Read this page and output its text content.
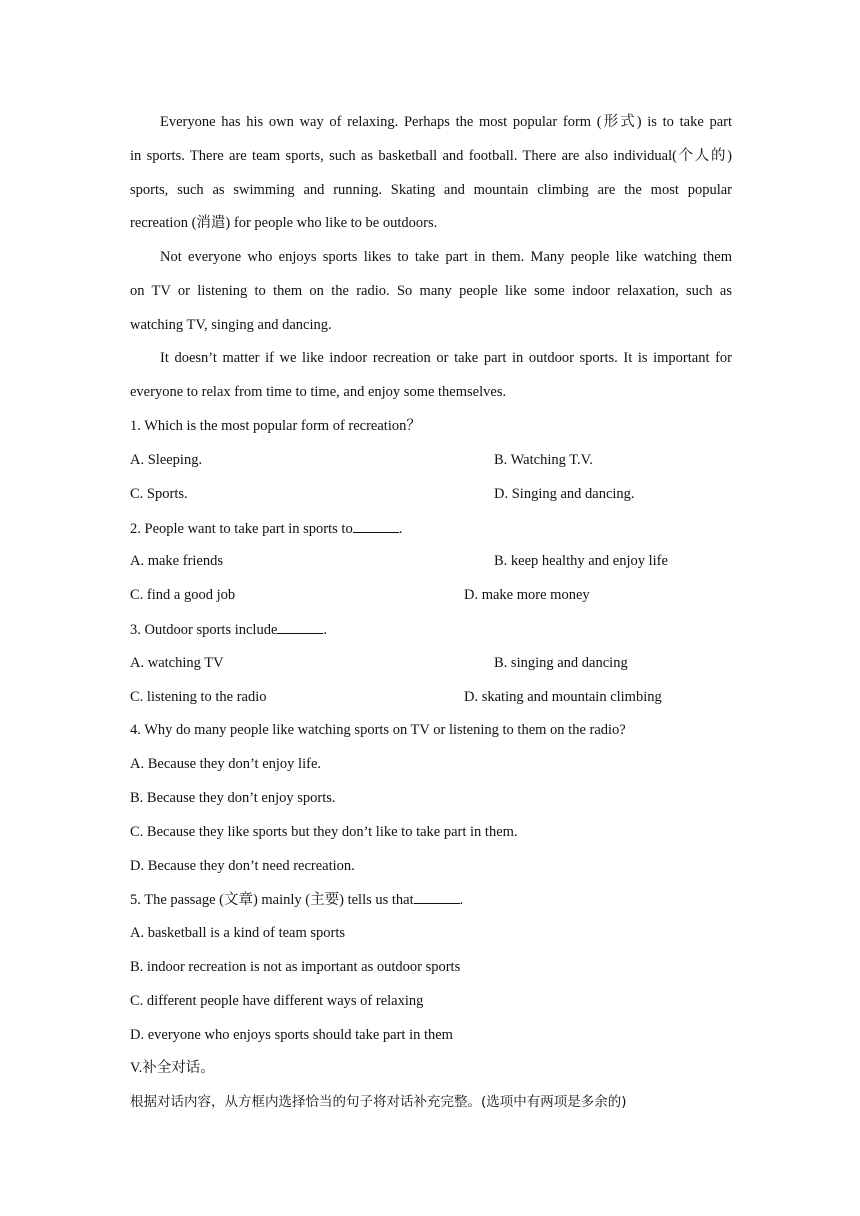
Everyone has his own way of relaxing. Perhaps the most popular form (形式) is to take part
in sports. There are team sports, such as basketball and football. There are also individual(个人的)
sports, such as swimming and running. Skating and mountain climbing are the most popular
recreation (消遣) for people who like to be outdoors.
Not everyone who enjoys sports likes to take part in them. Many people like watching them
on TV or listening to them on the radio. So many people like some indoor relaxation, such as
watching TV, singing and dancing.
It doesn’t matter if we like indoor recreation or take part in outdoor sports. It is important for
everyone to relax from time to time, and enjoy some themselves.
1. Which is the most popular form of recreation？
A. Sleeping.	B. Watching T.V.
C. Sports.	D. Singing and dancing.
2. People want to take part in sports to	.
A. make friends	B. keep healthy and enjoy life
C. find a good job	D. make more money
3. Outdoor sports include	.
A. watching TV	B. singing and dancing
C. listening to the radio	D. skating and mountain climbing
4. Why do many people like watching sports on TV or listening to them on the radio?
A. Because they don’t enjoy life.
B. Because they don’t enjoy sports.
C. Because they like sports but they don’t like to take part in them.
D. Because they don’t need recreation.
5. The passage (文章) mainly (主要) tells us that	.
A. basketball is a kind of team sports
B. indoor recreation is not as important as outdoor sports
C. different people have different ways of relaxing
D. everyone who enjoys sports should take part in them
V.补全对话。
根据对话内容，从方框内选择恰当的句子将对话补充完整。(选项中有两项是多余的)
